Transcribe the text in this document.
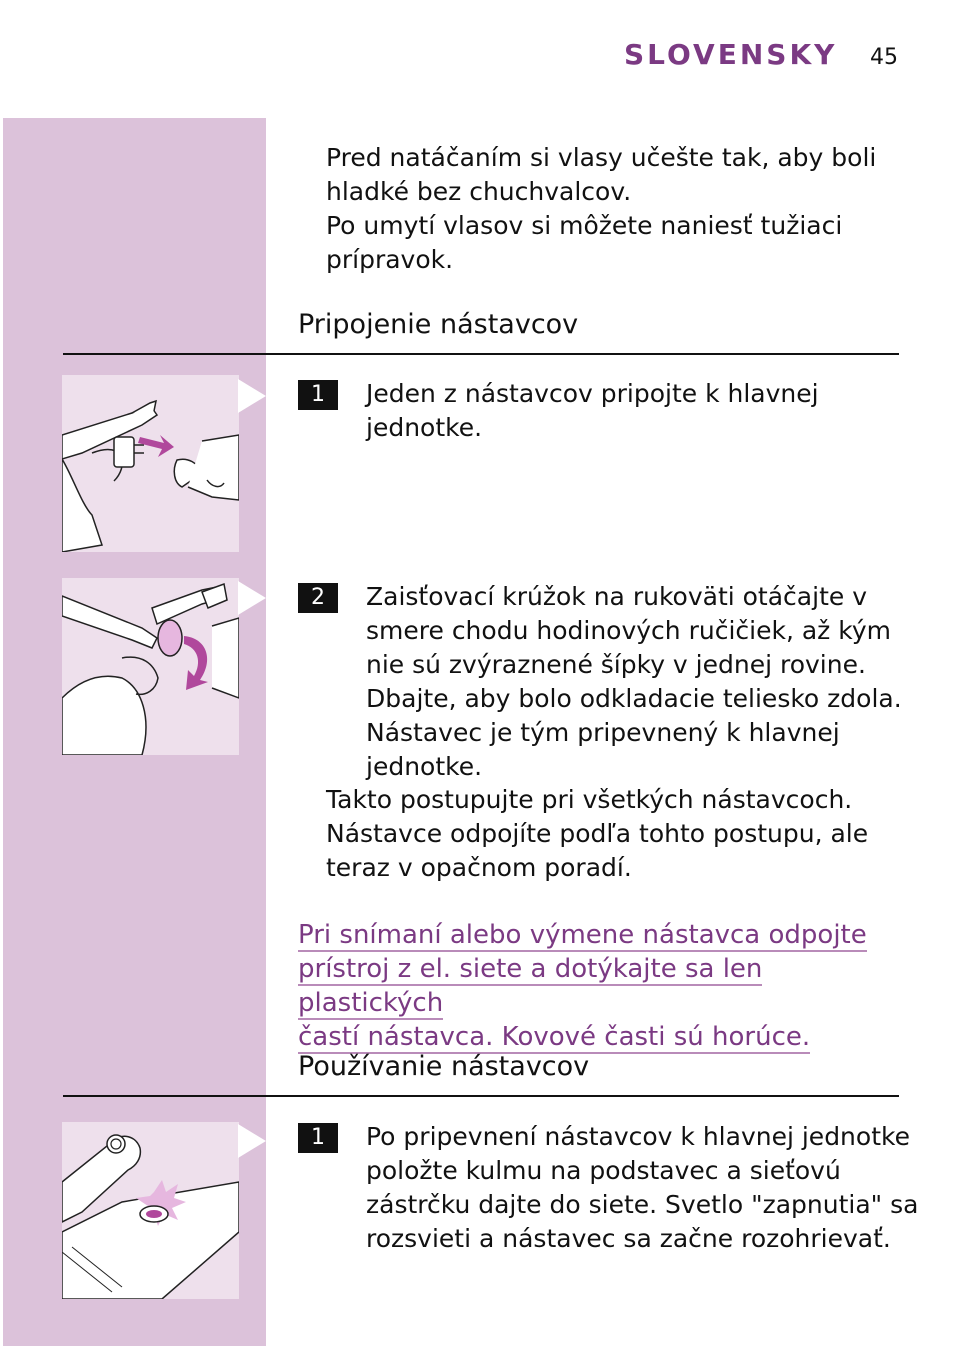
SLOVENSKY 45

Pred natáčaním si vlasy učešte tak, aby boli
hladké bez chuchvalcov.
Po umytí vlasov si môžete naniesť tužiaci
prípravok.

Pripojenie nástavcov
1	Jeden z nástavcov pripojte k hlavnej
jednotke.

2	Zaisťovací krúžok na rukoväti otáčajte v
smere chodu hodinových ručičiek, až kým
nie sú zvýraznené šípky v jednej rovine.
Dbajte, aby bolo odkladacie teliesko zdola.
Nástavec je tým pripevnený k hlavnej
jednotke.

Takto postupujte pri všetkých nástavcoch.
Nástavce odpojíte podľa tohto postupu, ale
teraz v opačnom poradí.

Pri snímaní alebo výmene nástavca odpojte
prístroj z el. siete a dotýkajte sa len plastických
častí nástavca. Kovové časti sú horúce.

Používanie nástavcov
1	Po pripevnení nástavcov k hlavnej jednotke
položte kulmu na podstavec a sieťovú
zástrčku dajte do siete. Svetlo "zapnutia" sa
rozsvieti a nástavec sa začne rozohrievať.
